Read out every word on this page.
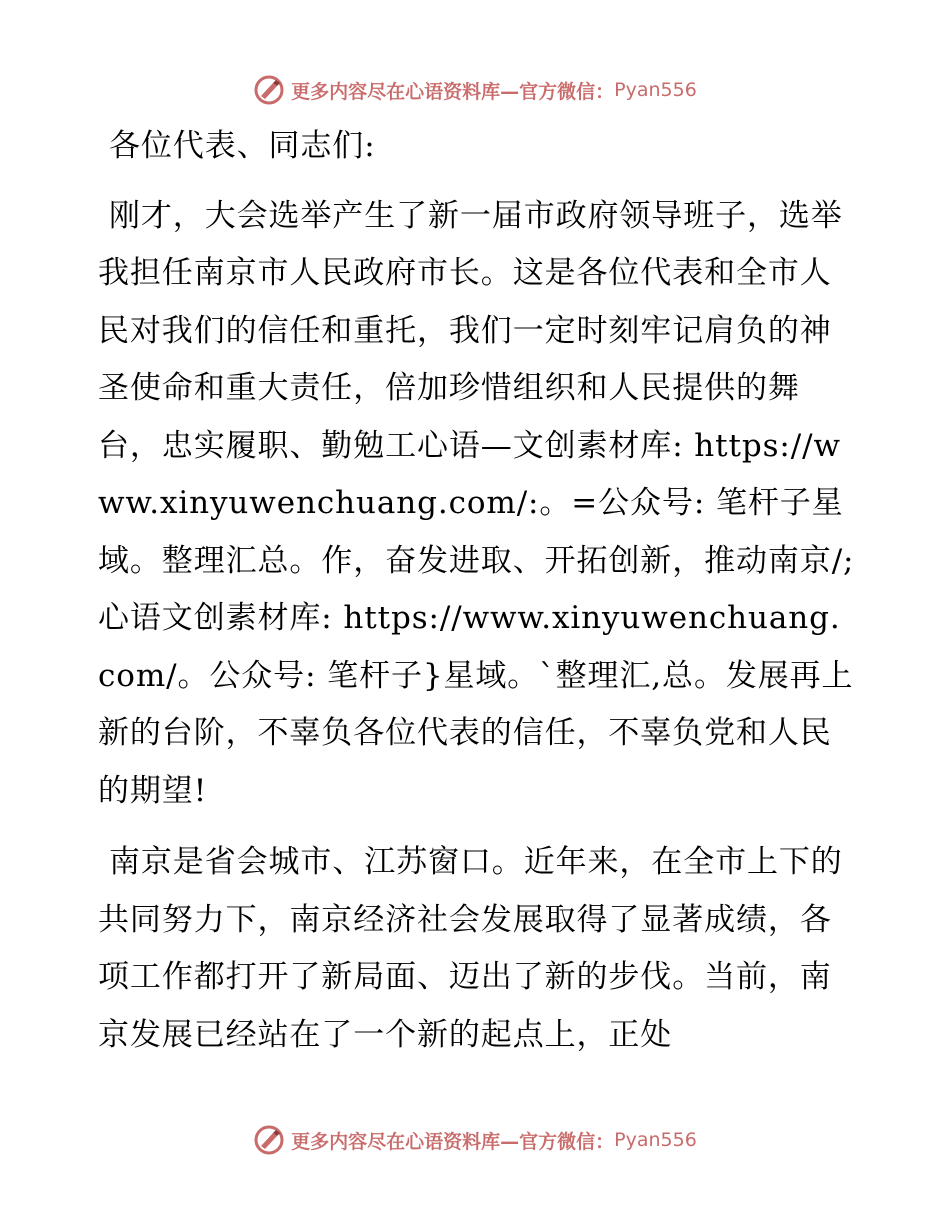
更多内容尽在心语资料库—官方微信： Pyan556

各位代表、同志们:

刚才，大会选举产生了新一届市政府领导班子，选举我担任南京市人民政府市长。这是各位代表和全市人民对我们的信任和重托，我们一定时刻牢记肩负的神圣使命和重大责任，倍加珍惜组织和人民提供的舞台，忠实履职、勤勉工心语—文创素材库: https://www.xinyuwenchuang.com/:。=公众号: 笔杆子星域。整理汇总。作，奋发进取、开拓创新，推动南京/;心语文创素材库: https://www.xinyuwenchuang.com/。公众号: 笔杆子}星域。`整理汇,总。发展再上新的台阶，不辜负各位代表的信任，不辜负党和人民的期望!

南京是省会城市、江苏窗口。近年来，在全市上下的共同努力下，南京经济社会发展取得了显著成绩，各项工作都打开了新局面、迈出了新的步伐。当前，南京发展已经站在了一个新的起点上，正处

更多内容尽在心语资料库—官方微信： Pyan556
